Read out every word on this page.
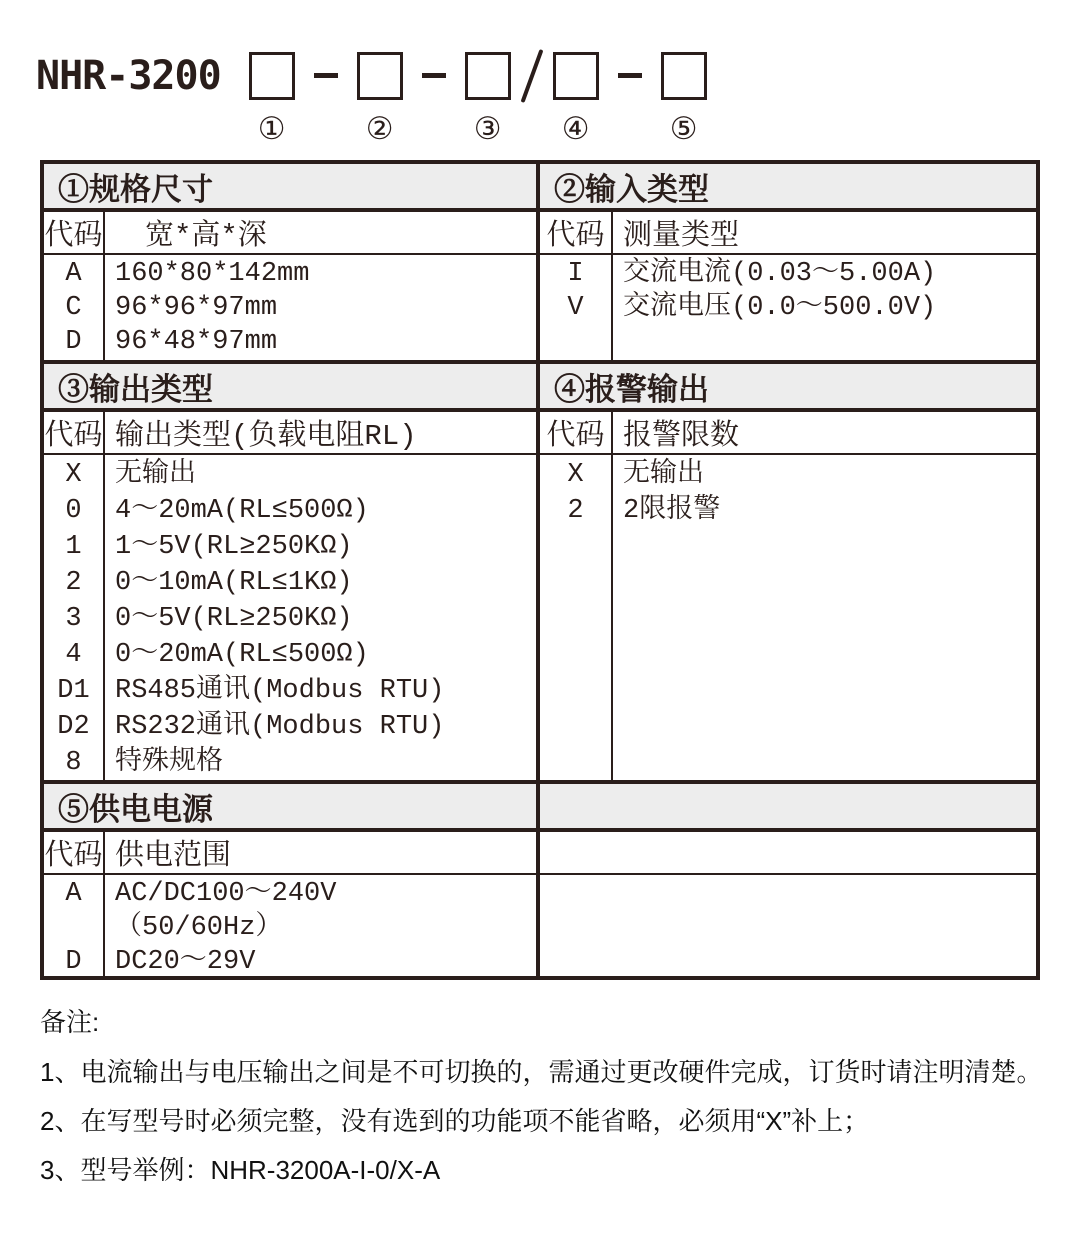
NHR-3200
①	②	③ ④	⑤
①规格尺寸
代码	宽*高*深
A	160*80*142mm
C	96*96*97mm
D	96*48*97mm
②输入类型
代码 测量类型
I	交流电流(0.03～5.00A)
V	交流电压(0.0～500.0V)
③输出类型
代码 输出类型(负载电阻RL)
X	无输出
0	4～20mA(RL≤500Ω)
1	1～5V(RL≥250KΩ)
2	0～10mA(RL≤1KΩ)
3	0～5V(RL≥250KΩ)
4	0～20mA(RL≤500Ω)
D1 RS485通讯(Modbus RTU)
D2 RS232通讯(Modbus RTU)
8	特殊规格
④报警输出
代码 报警限数
X	无输出
2	2限报警
⑤供电电源
代码 供电范围
A	AC/DC100～240V
（50/60Hz）
D	DC20～29V
备注:
1、电流输出与电压输出之间是不可切换的，需通过更改硬件完成，订货时请注明清楚。
2、在写型号时必须完整，没有选到的功能项不能省略，必须用“X”补上；
3、型号举例：NHR-3200A-I-0/X-A
